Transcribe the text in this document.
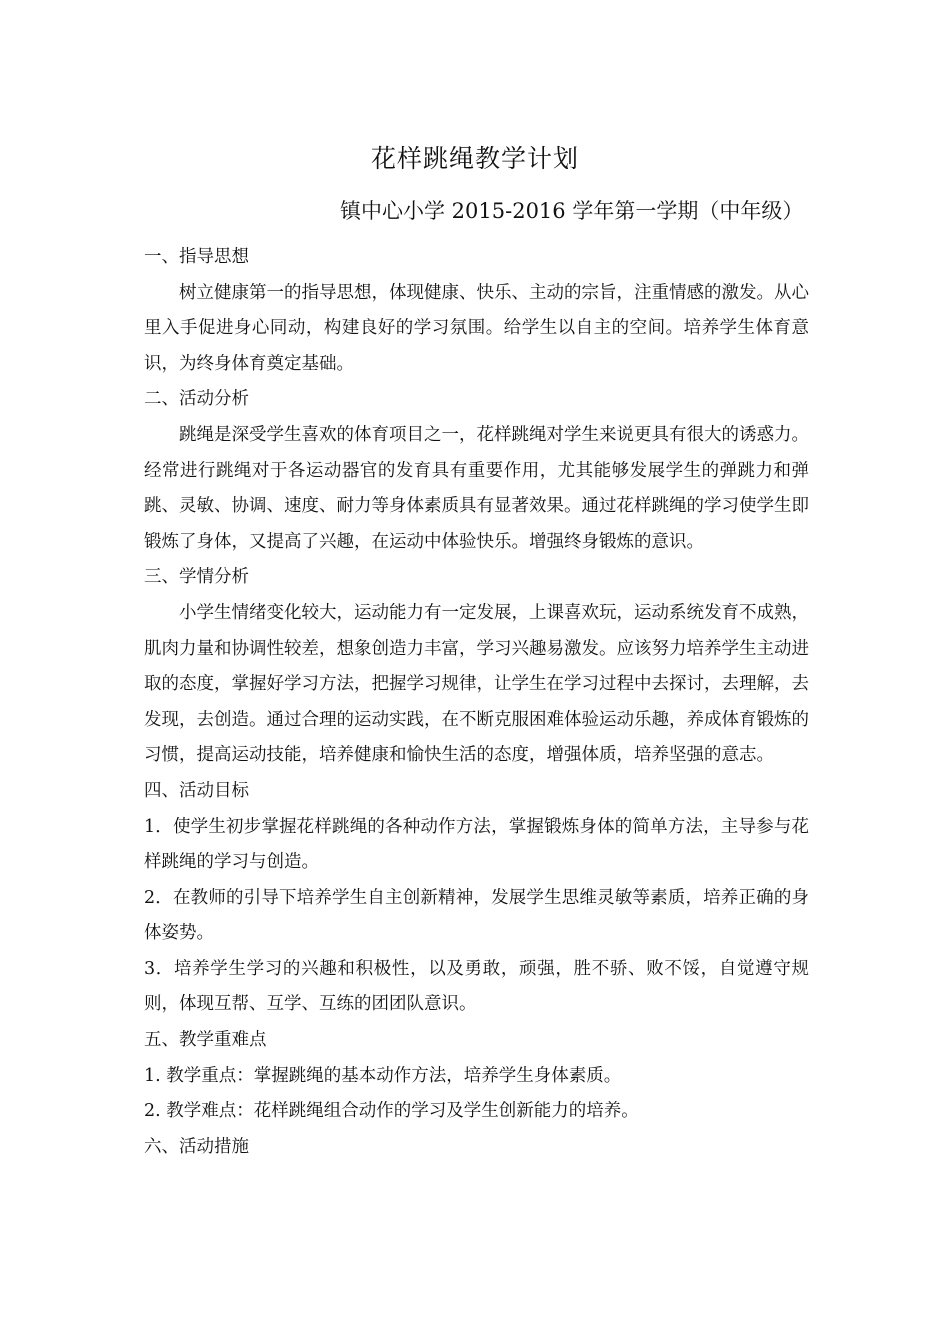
花样跳绳教学计划
镇中心小学 2015-2016 学年第一学期（中年级）

一、指导思想

树立健康第一的指导思想，体现健康、快乐、主动的宗旨，注重情感的激发。从心里入手促进身心同动，构建良好的学习氛围。给学生以自主的空间。培养学生体育意识，为终身体育奠定基础。

二、活动分析

跳绳是深受学生喜欢的体育项目之一，花样跳绳对学生来说更具有很大的诱惑力。经常进行跳绳对于各运动器官的发育具有重要作用，尤其能够发展学生的弹跳力和弹跳、灵敏、协调、速度、耐力等身体素质具有显著效果。通过花样跳绳的学习使学生即锻炼了身体，又提高了兴趣，在运动中体验快乐。增强终身锻炼的意识。

三、学情分析

小学生情绪变化较大，运动能力有一定发展，上课喜欢玩，运动系统发育不成熟，肌肉力量和协调性较差，想象创造力丰富，学习兴趣易激发。应该努力培养学生主动进取的态度，掌握好学习方法，把握学习规律，让学生在学习过程中去探讨，去理解，去发现，去创造。通过合理的运动实践，在不断克服困难体验运动乐趣，养成体育锻炼的习惯，提高运动技能，培养健康和愉快生活的态度，增强体质，培养坚强的意志。

四、活动目标

1．使学生初步掌握花样跳绳的各种动作方法，掌握锻炼身体的简单方法，主导参与花样跳绳的学习与创造。

2．在教师的引导下培养学生自主创新精神，发展学生思维灵敏等素质，培养正确的身体姿势。

3．培养学生学习的兴趣和积极性，以及勇敢，顽强，胜不骄、败不馁，自觉遵守规则，体现互帮、互学、互练的团团队意识。

五、教学重难点

1. 教学重点：掌握跳绳的基本动作方法，培养学生身体素质。

2. 教学难点：花样跳绳组合动作的学习及学生创新能力的培养。

六、活动措施
